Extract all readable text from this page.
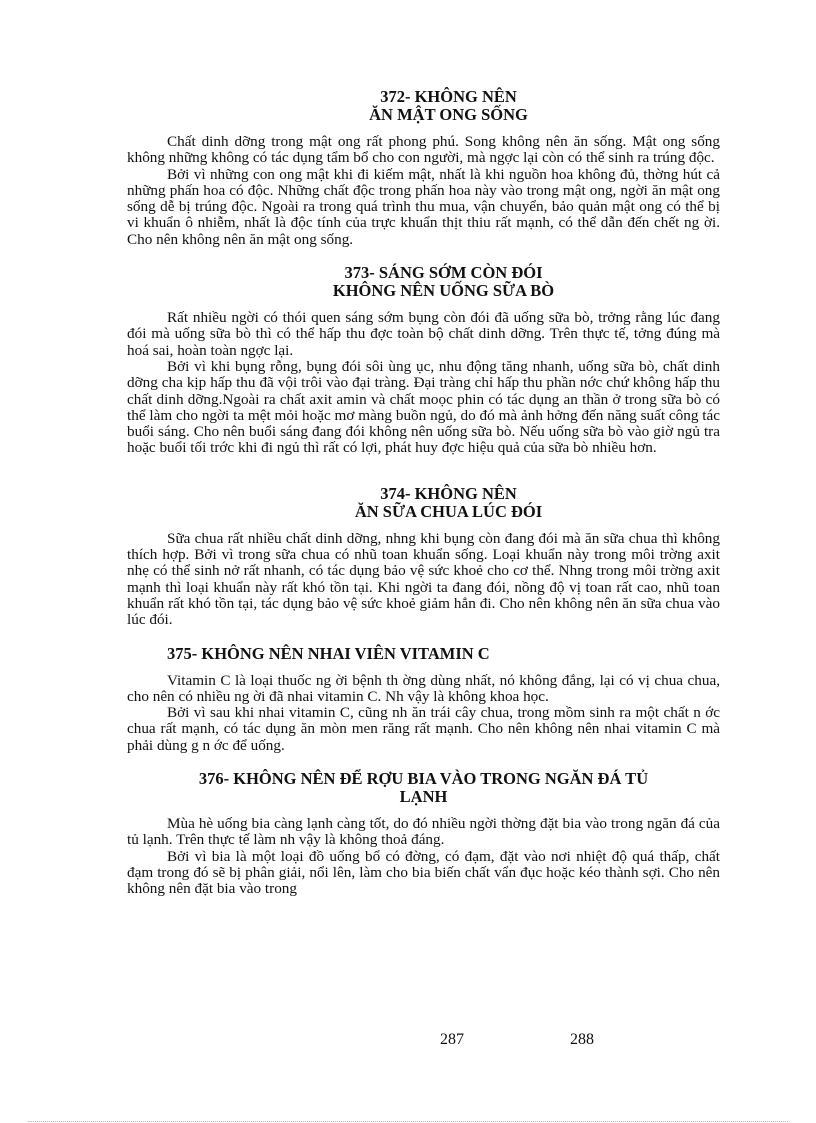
372- KHÔNG NÊN
ĂN MẬT ONG SỐNG

Chất dinh dỡng trong mật ong rất phong phú. Song không nên ăn sống. Mật ong sống không những không có tác dụng tẩm bổ cho con người, mà ngợc lại còn có thể sinh ra trúng độc.

Bởi vì những con ong mật khi đi kiếm mật, nhất là khi nguồn hoa không đủ, thờng hút cả những phấn hoa có độc. Những chất độc trong phấn hoa này vào trong mật ong, ngời ăn mật ong sống dễ bị trúng độc. Ngoài ra trong quá trình thu mua, vận chuyển, bảo quản mật ong có thể bị vi khuẩn ô nhiễm, nhất là độc tính của trực khuẩn thịt thiu rất mạnh, có thể dẫn đến chết ng ời. Cho nên không nên ăn mật ong sống.

373- SÁNG SỚM CÒN ĐÓI
KHÔNG NÊN UỐNG SỮA BÒ

Rất nhiều ngời có thói quen sáng sớm bụng còn đói đã uống sữa bò, trởng rằng lúc đang đói mà uống sữa bò thì có thể hấp thu đợc toàn bộ chất dinh dỡng. Trên thực tế, tởng đúng mà hoá sai, hoàn toàn ngợc lại.

Bởi vì khi bụng rỗng, bụng đói sôi ùng ục, nhu động tăng nhanh, uống sữa bò, chất dinh dỡng cha kịp hấp thu đã vội trôi vào đại tràng. Đại tràng chỉ hấp thu phần nớc chứ không hấp thu chất dinh dỡng.Ngoài ra chất axit amin và chất moọc phin có tác dụng an thần ở trong sữa bò có thể làm cho ngời ta mệt mỏi hoặc mơ màng buồn ngủ, do đó mà ảnh hởng đến năng suất công tác buổi sáng. Cho nên buổi sáng đang đói không nên uống sữa bò. Nếu uống sữa bò vào giờ ngủ tra hoặc buổi tối trớc khi đi ngủ thì rất có lợi, phát huy đợc hiệu quả của sữa bò nhiều hơn.

374- KHÔNG NÊN
ĂN SỮA CHUA LÚC ĐÓI

Sữa chua rất nhiều chất dinh dỡng, nhng khi bụng còn đang đói mà ăn sữa chua thì không thích hợp. Bởi vì trong sữa chua có nhũ toan khuẩn sống. Loại khuẩn này trong môi trờng axit nhẹ có thể sinh nở rất nhanh, có tác dụng bảo vệ sức khoẻ cho cơ thể. Nhng trong môi trờng axit mạnh thì loại khuẩn này rất khó tồn tại. Khi ngời ta đang đói, nồng độ vị toan rất cao, nhũ toan khuẩn rất khó tồn tại, tác dụng bảo vệ sức khoẻ giảm hẳn đi. Cho nên không nên ăn sữa chua vào lúc đói.

375- KHÔNG NÊN NHAI VIÊN VITAMIN C

Vitamin C là loại thuốc ng ời bệnh th ờng dùng nhất, nó không đắng, lại có vị chua chua, cho nên có nhiều ng ời đã nhai vitamin C. Nh vậy là không khoa học.

Bởi vì sau khi nhai vitamin C, cũng nh ăn trái cây chua, trong mồm sinh ra một chất n ớc chua rất mạnh, có tác dụng ăn mòn men răng rất mạnh. Cho nên không nên nhai vitamin C mà phải dùng g n ớc để uống.

376- KHÔNG NÊN ĐỂ RỢU BIA VÀO TRONG NGĂN ĐÁ TỦ
LẠNH

Mùa hè uống bia càng lạnh càng tốt, do đó nhiều ngời thờng đặt bia vào trong ngăn đá của tủ lạnh. Trên thực tế làm nh vậy là không thoả đáng.

Bởi vì bia là một loại đồ uống bổ có đờng, có đạm, đặt vào nơi nhiệt độ quá thấp, chất đạm trong đó sẽ bị phân giải, nổi lên, làm cho bia biến chất vẩn đục hoặc kéo thành sợi. Cho nên không nên đặt bia vào trong

287	288
